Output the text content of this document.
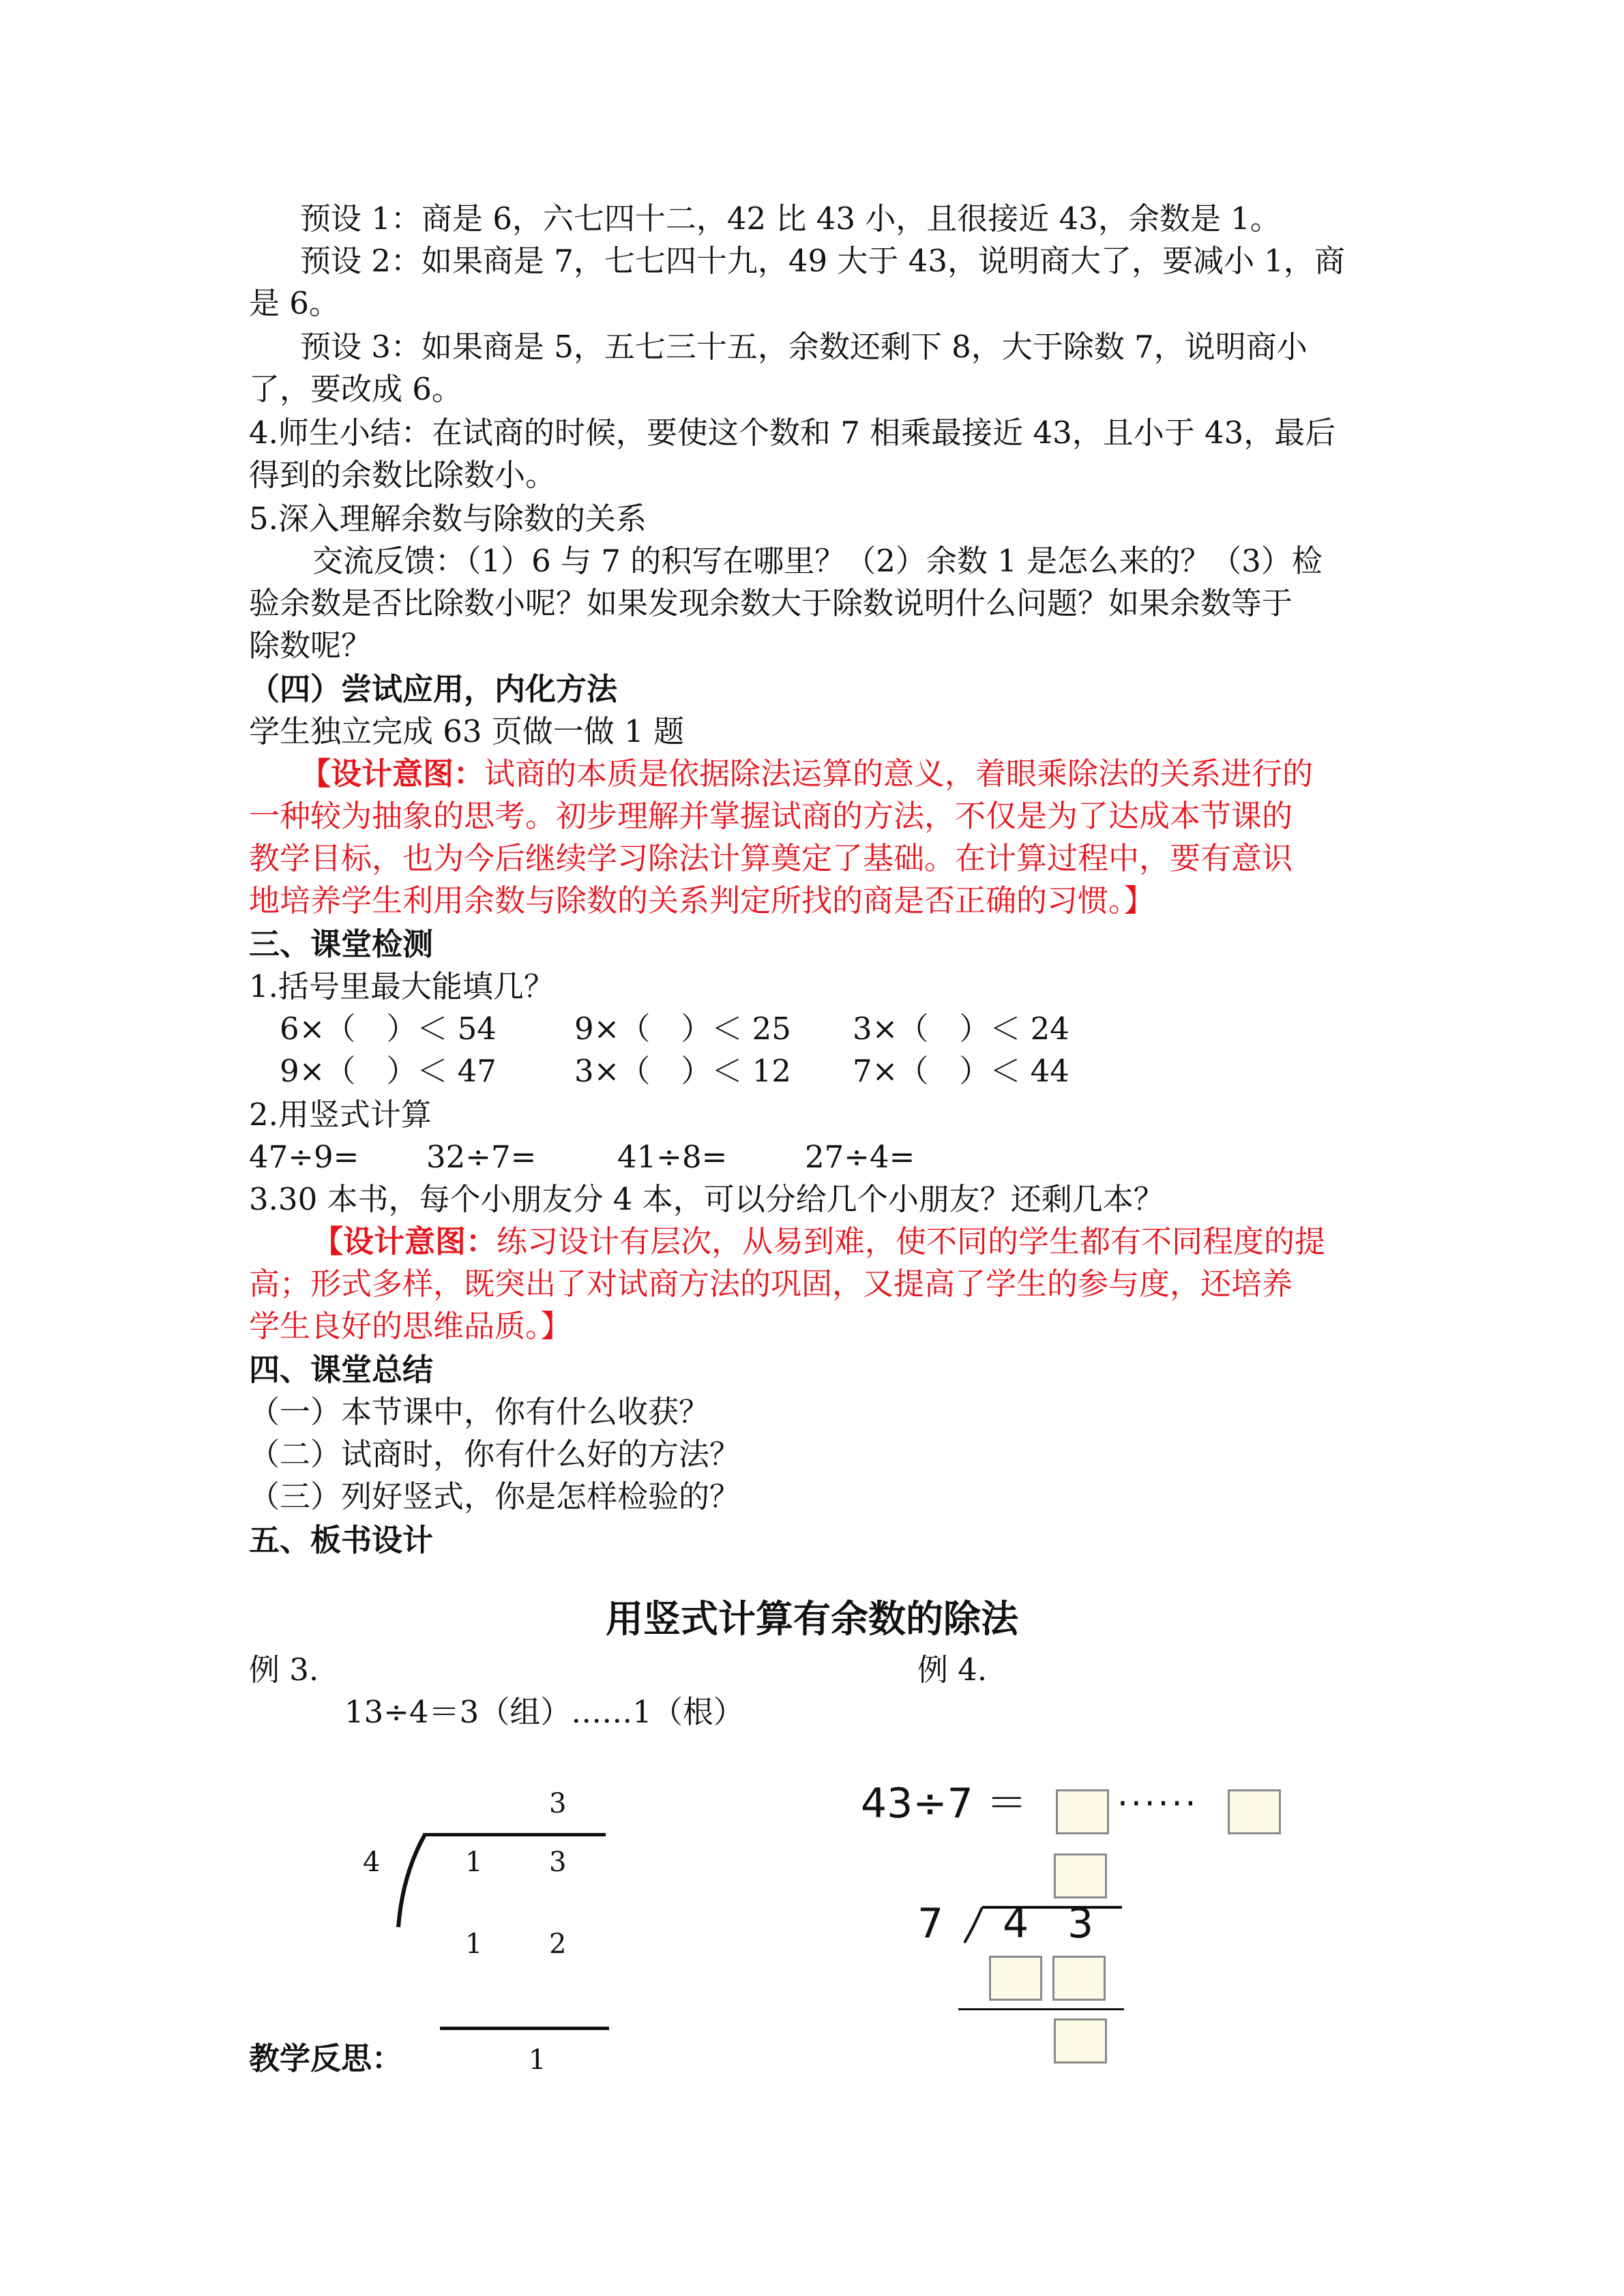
预设 1：商是 6，六七四十二，42 比 43 小，且很接近 43，余数是 1。

预设 2：如果商是 7，七七四十九，49 大于 43，说明商大了，要减小 1，商

是 6。

预设 3：如果商是 5，五七三十五，余数还剩下 8，大于除数 7，说明商小

了，要改成 6。

4.师生小结：在试商的时候，要使这个数和 7 相乘最接近 43，且小于 43，最后

得到的余数比除数小。

5.深入理解余数与除数的关系

交流反馈：（1）6 与 7 的积写在哪里？（2）余数 1 是怎么来的？（3）检

验余数是否比除数小呢？如果发现余数大于除数说明什么问题？如果余数等于

除数呢？

（四）尝试应用，内化方法

学生独立完成 63 页做一做 1 题

【设计意图：试商的本质是依据除法运算的意义，着眼乘除法的关系进行的

一种较为抽象的思考。初步理解并掌握试商的方法，不仅是为了达成本节课的

教学目标，也为今后继续学习除法计算奠定了基础。在计算过程中，要有意识

地培养学生利用余数与除数的关系判定所找的商是否正确的习惯。】

三、课堂检测

1.括号里最大能填几？

6×（　）＜ 54	9×（　）＜ 25 3×（　）＜ 24
9×（　）＜ 47	3×（　）＜ 12 7×（　）＜ 44

2.用竖式计算

47÷9= 32÷7=	41÷8=	27÷4=

3.30 本书，每个小朋友分 4 本，可以分给几个小朋友？还剩几本？

【设计意图：练习设计有层次，从易到难，使不同的学生都有不同程度的提

高；形式多样，既突出了对试商方法的巩固，又提高了学生的参与度，还培养

学生良好的思维品质。】

四、课堂总结

（一）本节课中，你有什么收获？

（二）试商时，你有什么好的方法？

（三）列好竖式，你是怎样检验的？

五、板书设计

用竖式计算有余数的除法
例 3.	例 4.
13÷4＝3（组）……1（根）
3
4	1 3
1 2
1
43÷7 ＝	······
7 4 3

教学反思：
